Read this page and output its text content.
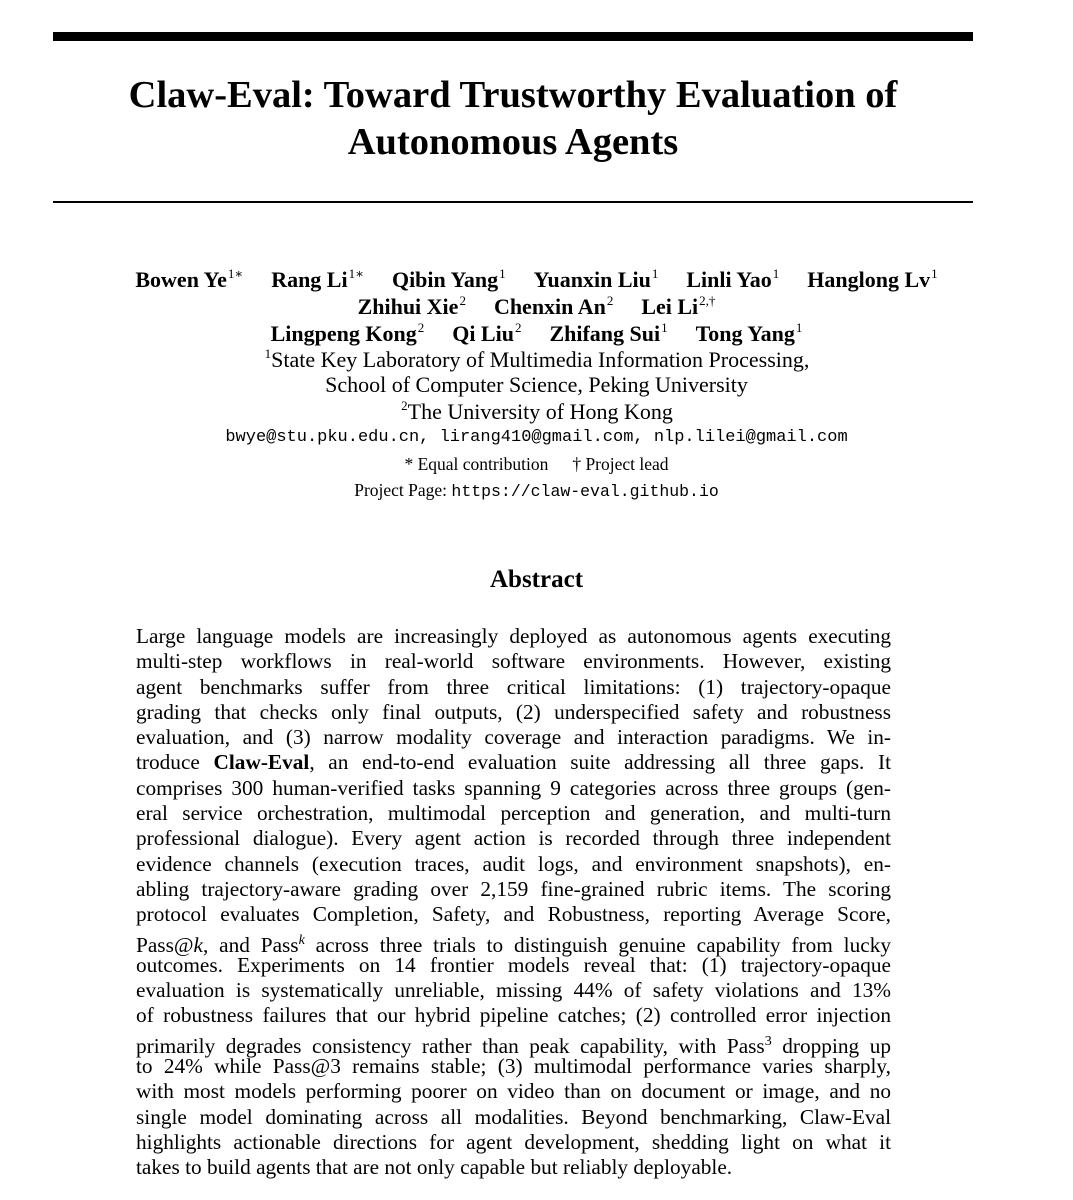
Claw-Eval: Toward Trustworthy Evaluation of
Autonomous Agents
Bowen $Ye^{1∗}$ Rang $Li^{1∗}$ Qibin Yang$^1$ Yuanxin Liu$^1$ Linli Yao$^1$ Hanglong Lv$^1$
Zhihui Xie$^2$ Chenxin An$^2$ Lei $Li^{2,\dagger}$
Lingpeng Kong$^2$ Qi Liu$^2$ Zhifang Sui$^1$ Tong Yang$^1$
$^1$State Key Laboratory of Multimedia Information Processing,
School of Computer Science, Peking University
$^2$The University of Hong Kong
bwye@stu.pku.edu.cn, lirang410@gmail.com, nlp.lilei@gmail.com
* Equal contribution † Project lead
Project Page: https://claw-eval.github.io
Abstract
Large language models are increasingly deployed as autonomous agents executing
multi-step workflows in real-world software environments. However, existing
agent benchmarks suffer from three critical limitations: (1) trajectory-opaque
grading that checks only final outputs, (2) underspecified safety and robustness
evaluation, and (3) narrow modality coverage and interaction paradigms. We in-
troduce Claw-Eval, an end-to-end evaluation suite addressing all three gaps. It
comprises 300 human-verified tasks spanning 9 categories across three groups (gen-
eral service orchestration, multimodal perception and generation, and multi-turn
professional dialogue). Every agent action is recorded through three independent
evidence channels (execution traces, audit logs, and environment snapshots), en-
abling trajectory-aware grading over 2,159 fine-grained rubric items. The scoring
protocol evaluates Completion, Safety, and Robustness, reporting Average Score,
Pass@k, and Pass$^k$ across three trials to distinguish genuine capability from lucky
outcomes. Experiments on 14 frontier models reveal that: (1) trajectory-opaque
evaluation is systematically unreliable, missing 44% of safety violations and 13%
of robustness failures that our hybrid pipeline catches; (2) controlled error injection
primarily degrades consistency rather than peak capability, with Pass$^3$ dropping up
to 24% while Pass@3 remains stable; (3) multimodal performance varies sharply,
with most models performing poorer on video than on document or image, and no
single model dominating across all modalities. Beyond benchmarking, Claw-Eval
highlights actionable directions for agent development, shedding light on what it
takes to build agents that are not only capable but reliably deployable.
